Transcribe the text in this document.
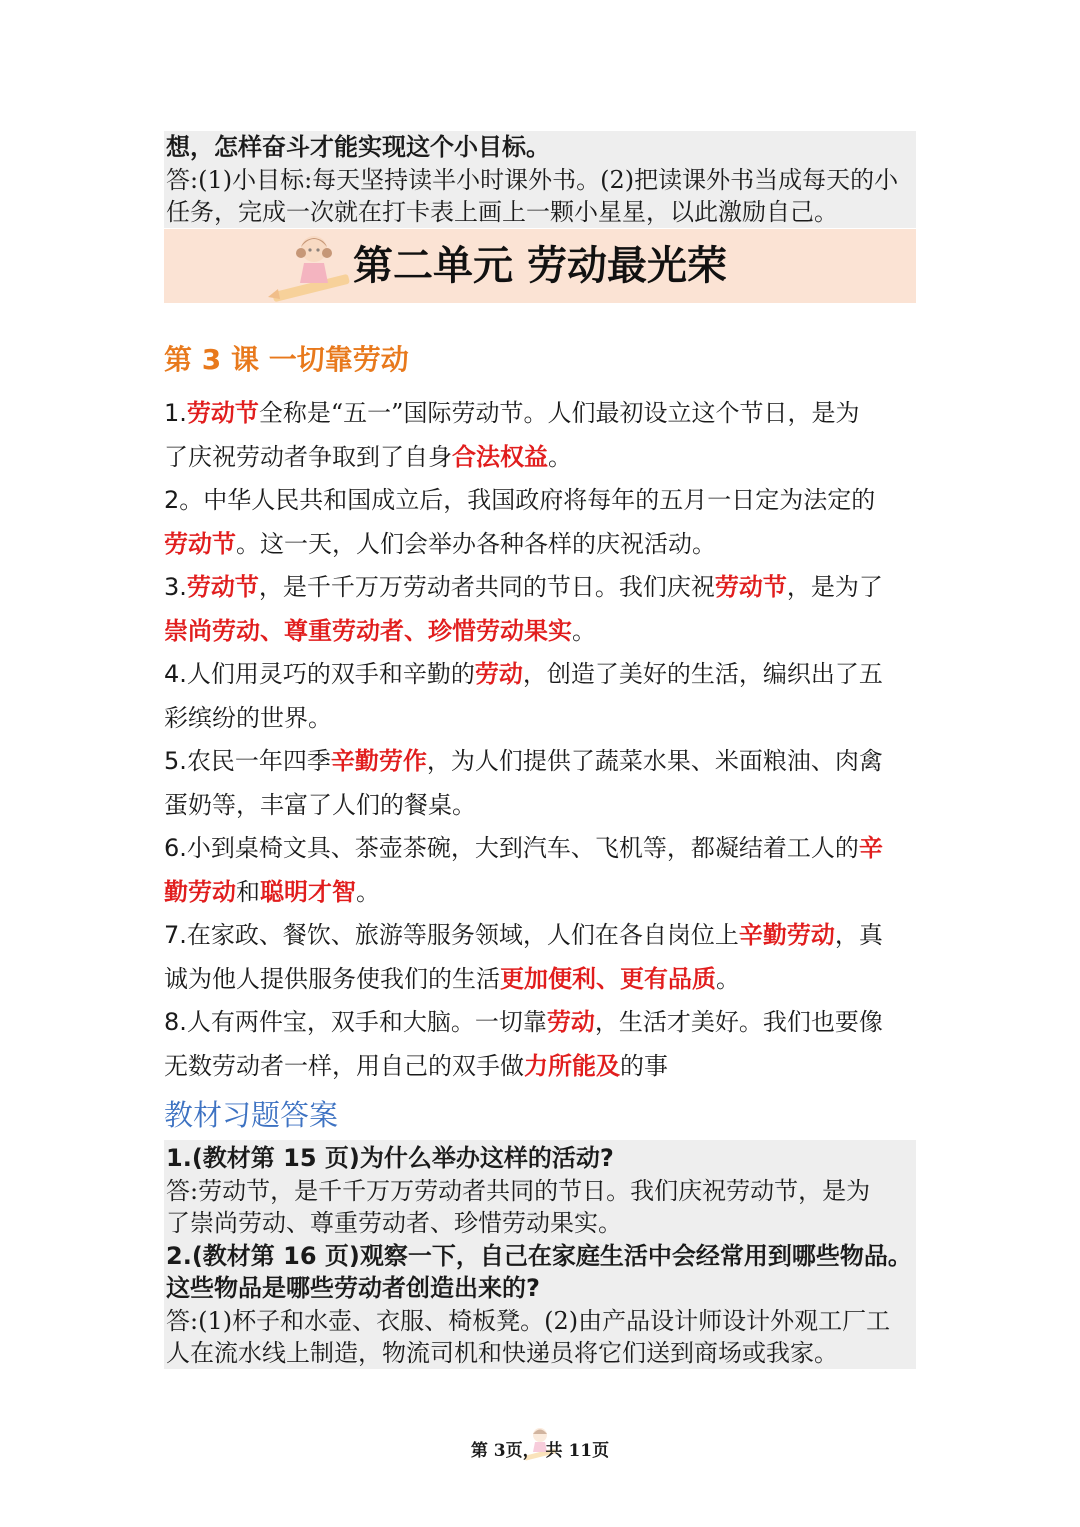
想，怎样奋斗才能实现这个小目标。
答:(1)小目标:每天坚持读半小时课外书。(2)把读课外书当成每天的小
任务，完成一次就在打卡表上画上一颗小星星，以此激励自己。
第二单元 劳动最光荣
第 3 课 一切靠劳动
1.劳动节全称是“五一”国际劳动节。人们最初设立这个节日，是为
了庆祝劳动者争取到了自身合法权益。
2。中华人民共和国成立后，我国政府将每年的五月一日定为法定的
劳动节。这一天，人们会举办各种各样的庆祝活动。
3.劳动节，是千千万万劳动者共同的节日。我们庆祝劳动节，是为了
崇尚劳动、尊重劳动者、珍惜劳动果实。
4.人们用灵巧的双手和辛勤的劳动，创造了美好的生活，编织出了五
彩缤纷的世界。
5.农民一年四季辛勤劳作，为人们提供了蔬菜水果、米面粮油、肉禽
蛋奶等，丰富了人们的餐桌。
6.小到桌椅文具、茶壶茶碗，大到汽车、飞机等，都凝结着工人的辛
勤劳动和聪明才智。
7.在家政、餐饮、旅游等服务领域，人们在各自岗位上辛勤劳动，真
诚为他人提供服务使我们的生活更加便利、更有品质。
8.人有两件宝，双手和大脑。一切靠劳动，生活才美好。我们也要像
无数劳动者一样，用自己的双手做力所能及的事
教材习题答案
1.(教材第 15 页)为什么举办这样的活动?
答:劳动节，是千千万万劳动者共同的节日。我们庆祝劳动节，是为
了崇尚劳动、尊重劳动者、珍惜劳动果实。
2.(教材第 16 页)观察一下，自己在家庭生活中会经常用到哪些物品。
这些物品是哪些劳动者创造出来的?
答:(1)杯子和水壶、衣服、椅板凳。(2)由产品设计师设计外观工厂工
人在流水线上制造，物流司机和快递员将它们送到商场或我家。
第 3页， 共 11页
